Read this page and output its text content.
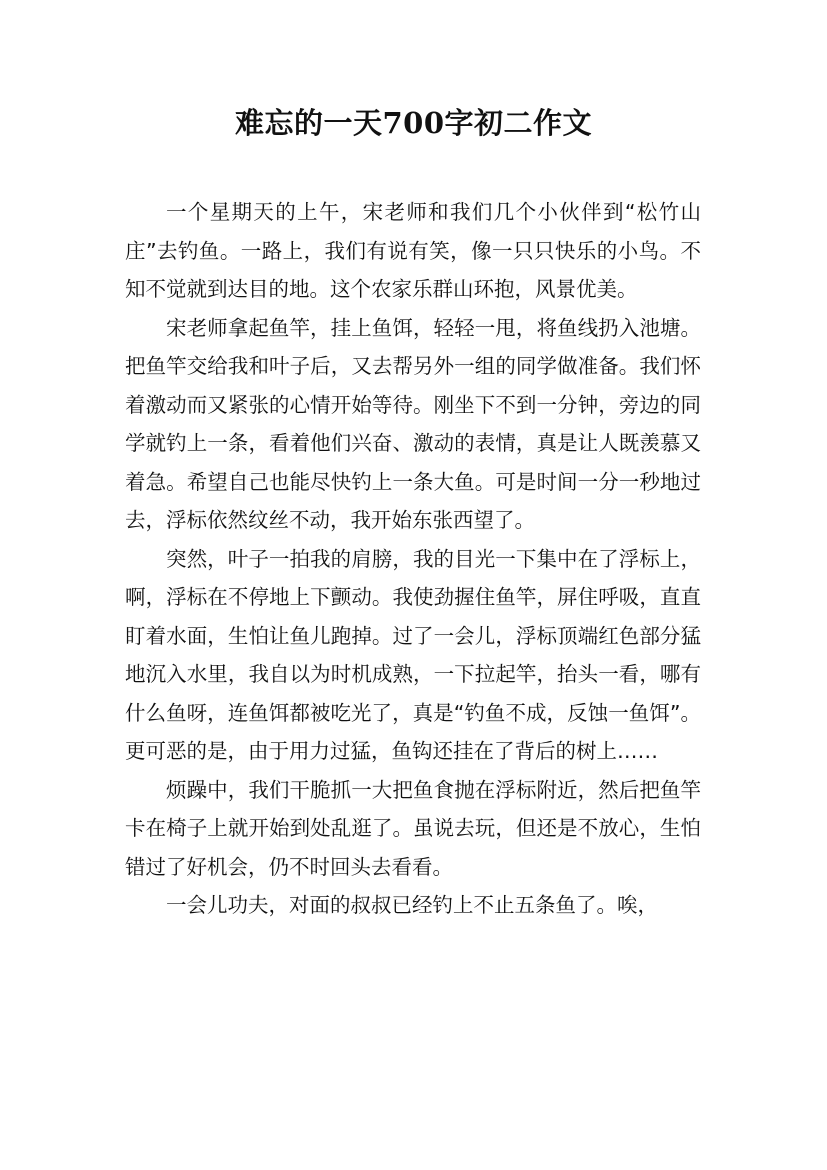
难忘的一天700字初二作文

一个星期天的上午，宋老师和我们几个小伙伴到“松竹山庄”去钓鱼。一路上，我们有说有笑，像一只只快乐的小鸟。不知不觉就到达目的地。这个农家乐群山环抱，风景优美。

宋老师拿起鱼竿，挂上鱼饵，轻轻一甩，将鱼线扔入池塘。把鱼竿交给我和叶子后，又去帮另外一组的同学做准备。我们怀着激动而又紧张的心情开始等待。刚坐下不到一分钟，旁边的同学就钓上一条，看着他们兴奋、激动的表情，真是让人既羡慕又着急。希望自己也能尽快钓上一条大鱼。可是时间一分一秒地过去，浮标依然纹丝不动，我开始东张西望了。

突然，叶子一拍我的肩膀，我的目光一下集中在了浮标上，啊，浮标在不停地上下颤动。我使劲握住鱼竿，屏住呼吸，直直盯着水面，生怕让鱼儿跑掉。过了一会儿，浮标顶端红色部分猛地沉入水里，我自以为时机成熟，一下拉起竿，抬头一看，哪有什么鱼呀，连鱼饵都被吃光了，真是“钓鱼不成，反蚀一鱼饵”。更可恶的是，由于用力过猛，鱼钩还挂在了背后的树上……

烦躁中，我们干脆抓一大把鱼食抛在浮标附近，然后把鱼竿卡在椅子上就开始到处乱逛了。虽说去玩，但还是不放心，生怕错过了好机会，仍不时回头去看看。

一会儿功夫，对面的叔叔已经钓上不止五条鱼了。唉，
